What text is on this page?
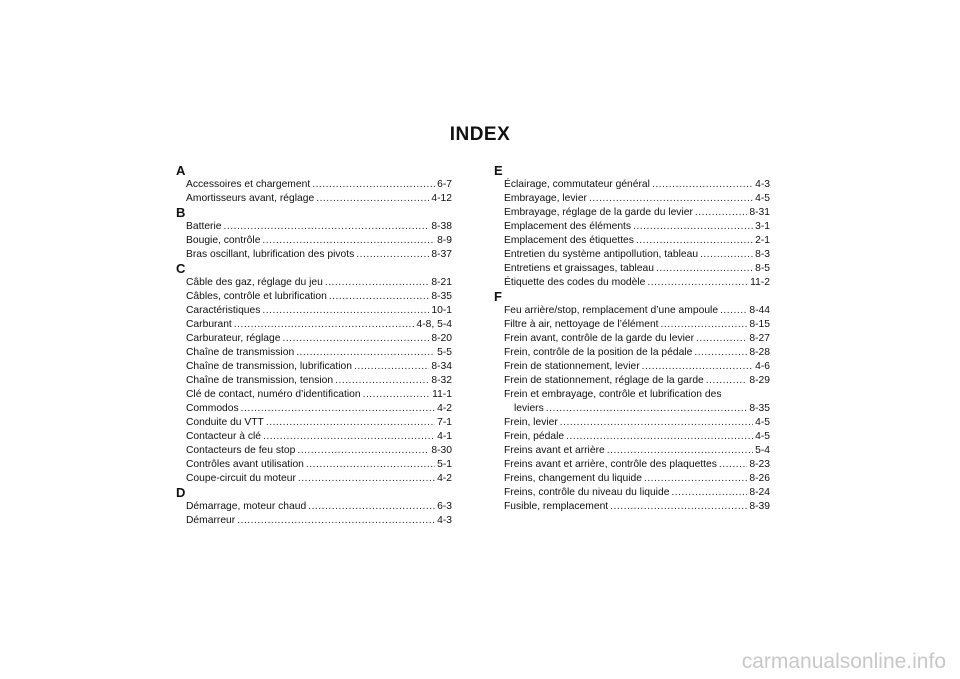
INDEX
A
Accessoires et chargement .....	6-7
Amortisseurs avant, réglage .....	4-12
B
Batterie .....	8-38
Bougie, contrôle .....	8-9
Bras oscillant, lubrification des pivots .....	8-37
C
Câble des gaz, réglage du jeu .....	8-21
Câbles, contrôle et lubrification .....	8-35
Caractéristiques .....	10-1
Carburant .....	4-8, 5-4
Carburateur, réglage .....	8-20
Chaîne de transmission .....	5-5
Chaîne de transmission, lubrification .....	8-34
Chaîne de transmission, tension .....	8-32
Clé de contact, numéro d’identification .....	11-1
Commodos .....	4-2
Conduite du VTT .....	7-1
Contacteur à clé .....	4-1
Contacteurs de feu stop .....	8-30
Contrôles avant utilisation .....	5-1
Coupe-circuit du moteur .....	4-2
D
Démarrage, moteur chaud .....	6-3
Démarreur .....	4-3
E
Éclairage, commutateur général .....	4-3
Embrayage, levier .....	4-5
Embrayage, réglage de la garde du levier .....	8-31
Emplacement des éléments .....	3-1
Emplacement des étiquettes .....	2-1
Entretien du système antipollution, tableau .....	8-3
Entretiens et graissages, tableau .....	8-5
Étiquette des codes du modèle .....	11-2
F
Feu arrière/stop, remplacement d’une ampoule .....	8-44
Filtre à air, nettoyage de l’élément .....	8-15
Frein avant, contrôle de la garde du levier .....	8-27
Frein, contrôle de la position de la pédale .....	8-28
Frein de stationnement, levier .....	4-6
Frein de stationnement, réglage de la garde .....	8-29
Frein et embrayage, contrôle et lubrification des
leviers .....	8-35
Frein, levier .....	4-5
Frein, pédale .....	4-5
Freins avant et arrière .....	5-4
Freins avant et arrière, contrôle des plaquettes .....	8-23
Freins, changement du liquide .....	8-26
Freins, contrôle du niveau du liquide .....	8-24
Fusible, remplacement .....	8-39
carmanualsonline.info
